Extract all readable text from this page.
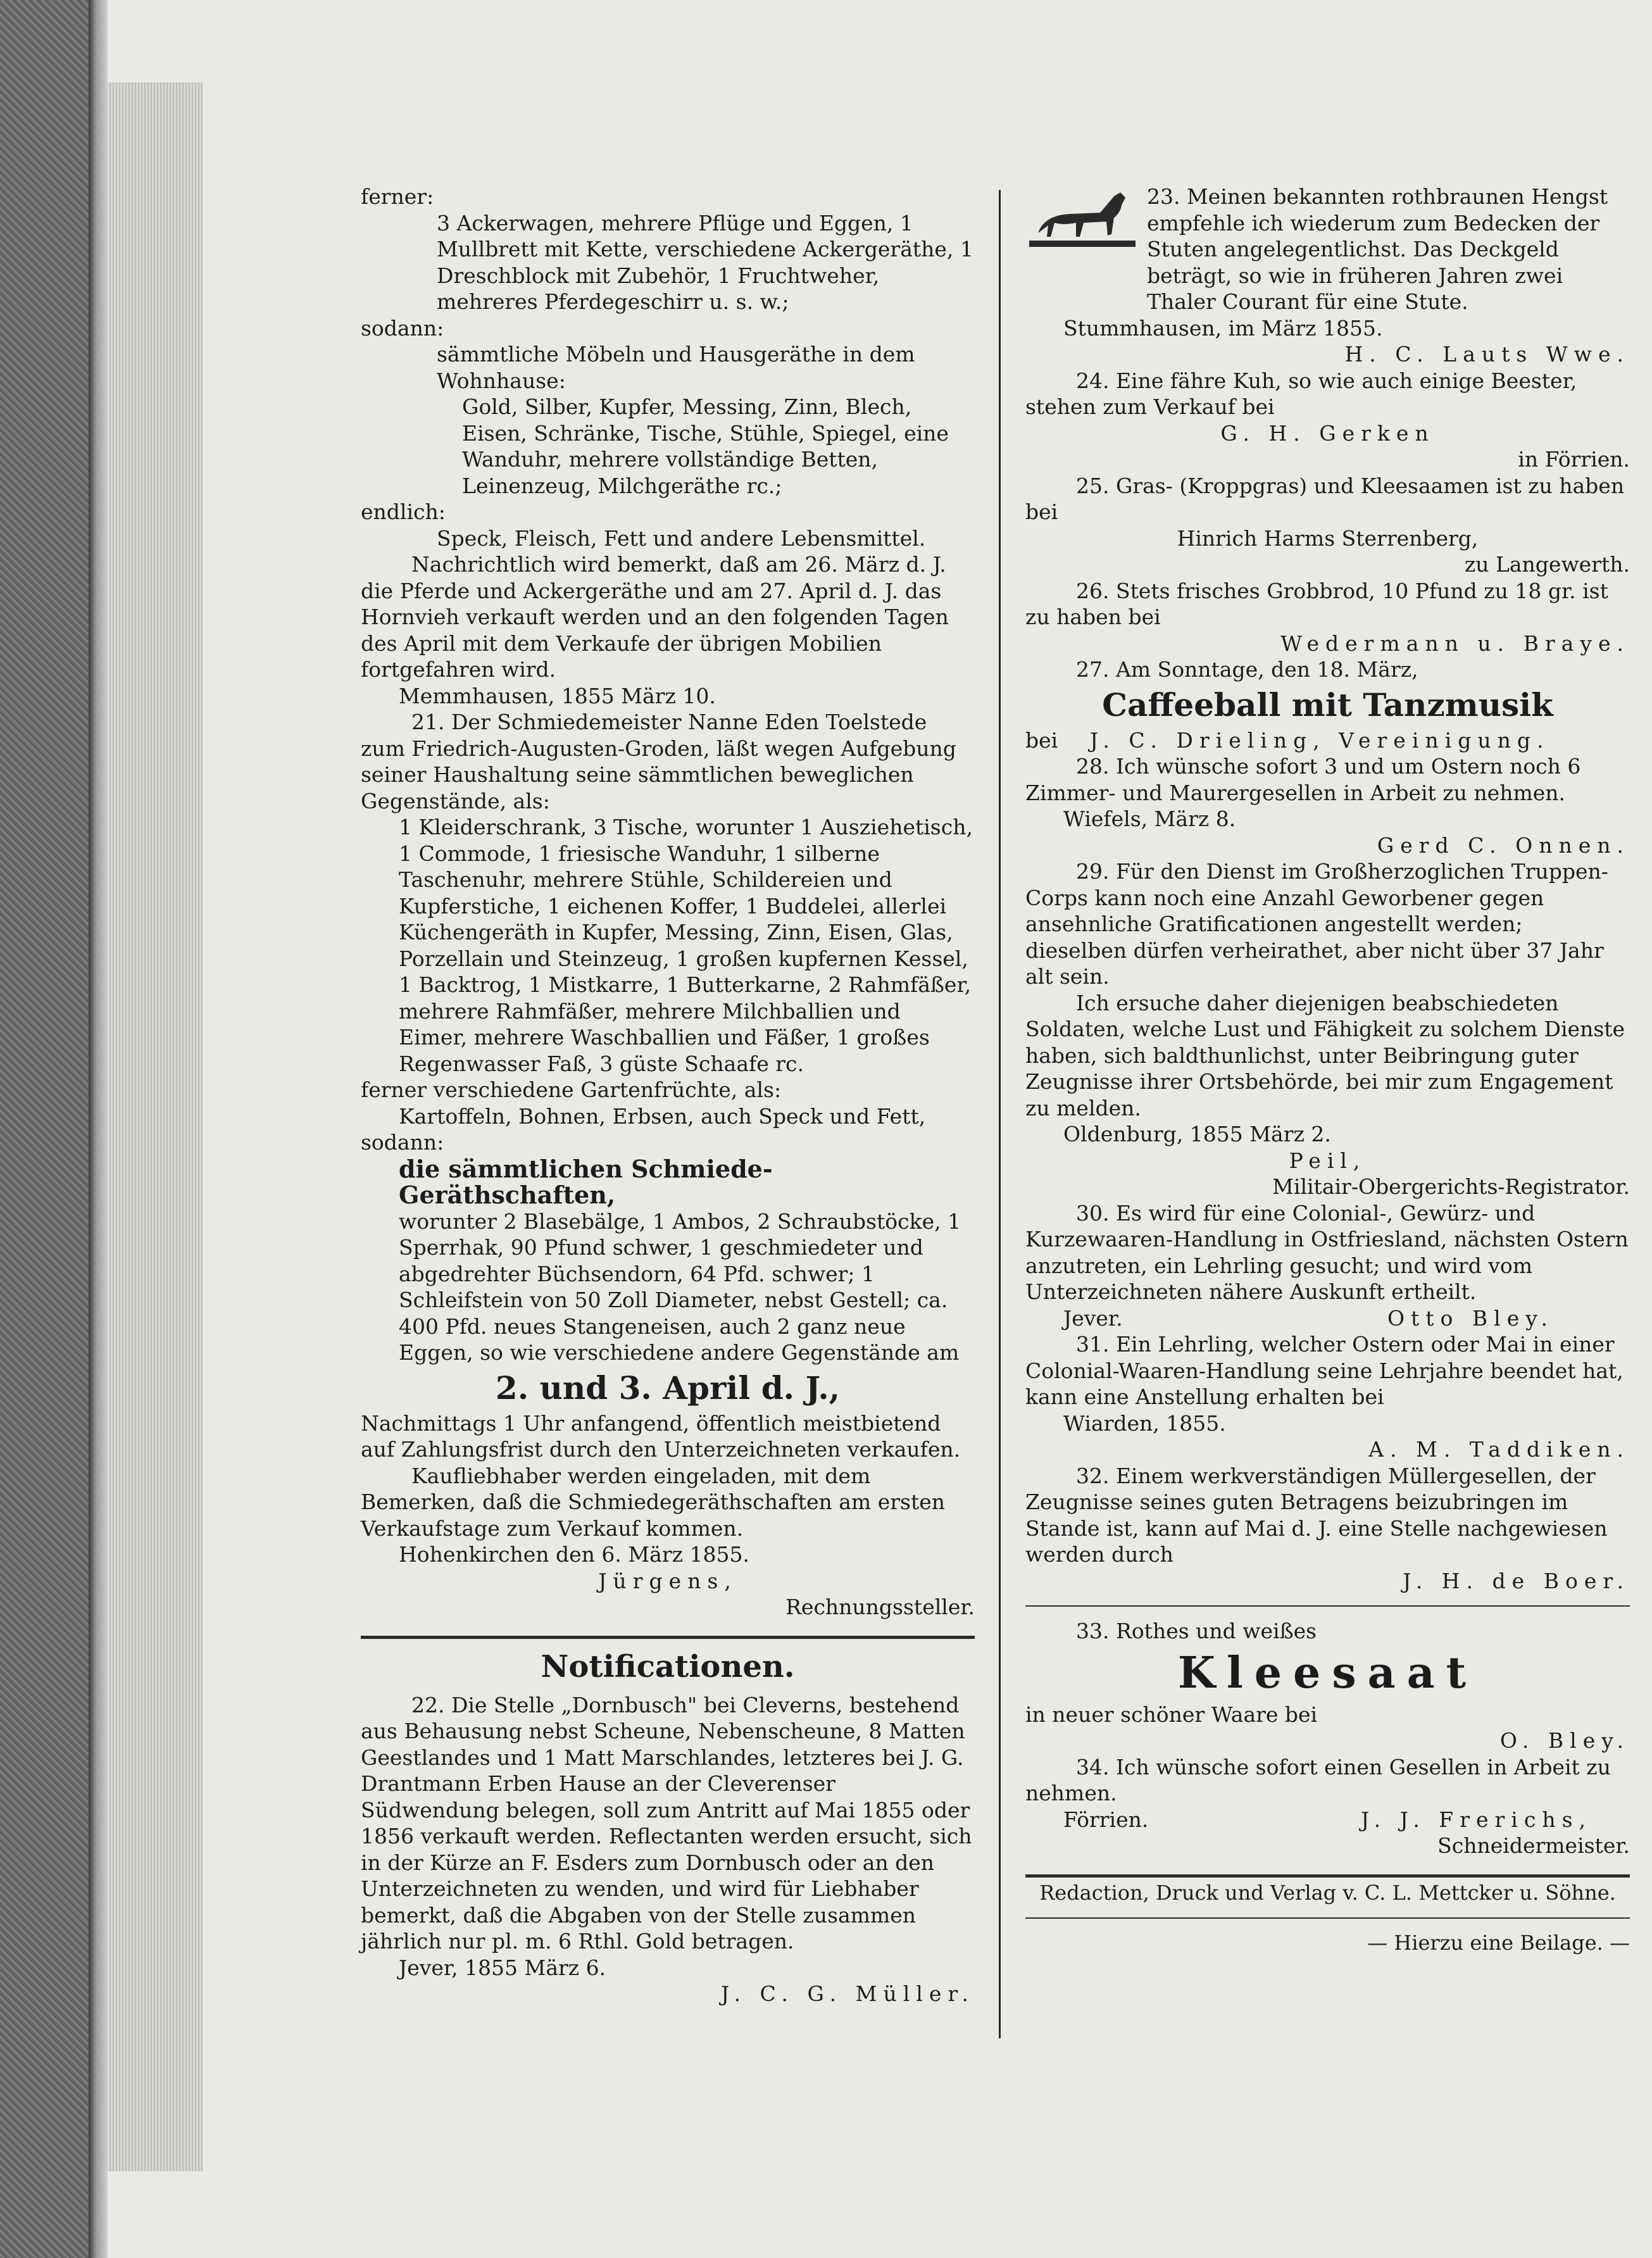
ferner:

3 Ackerwagen, mehrere Pflüge und Eggen, 1 Mullbrett mit Kette, verschiedene Ackergeräthe, 1 Dreschblock mit Zubehör, 1 Fruchtweher, mehreres Pferdegeschirr u. s. w.;

sodann:

sämmtliche Möbeln und Hausgeräthe in dem Wohnhause:

Gold, Silber, Kupfer, Messing, Zinn, Blech, Eisen, Schränke, Tische, Stühle, Spiegel, eine Wanduhr, mehrere vollständige Betten, Leinenzeug, Milchgeräthe rc.;

endlich:

Speck, Fleisch, Fett und andere Lebensmittel.

Nachrichtlich wird bemerkt, daß am 26. März d. J. die Pferde und Ackergeräthe und am 27. April d. J. das Hornvieh verkauft werden und an den folgenden Tagen des April mit dem Verkaufe der übrigen Mobilien fortgefahren wird.

Memmhausen, 1855 März 10.

21. Der Schmiedemeister Nanne Eden Toelstede zum Friedrich-Augusten-Groden, läßt wegen Aufgebung seiner Haushaltung seine sämmtlichen beweglichen Gegenstände, als:

1 Kleiderschrank, 3 Tische, worunter 1 Ausziehetisch, 1 Commode, 1 friesische Wanduhr, 1 silberne Taschenuhr, mehrere Stühle, Schildereien und Kupferstiche, 1 eichenen Koffer, 1 Buddelei, allerlei Küchengeräth in Kupfer, Messing, Zinn, Eisen, Glas, Porzellain und Steinzeug, 1 großen kupfernen Kessel, 1 Backtrog, 1 Mistkarre, 1 Butterkarne, 2 Rahmfäßer, mehrere Rahmfäßer, mehrere Milchballien und Eimer, mehrere Waschballien und Fäßer, 1 großes Regenwasser Faß, 3 güste Schaafe rc.

ferner verschiedene Gartenfrüchte, als:

Kartoffeln, Bohnen, Erbsen, auch Speck und Fett,

sodann:

die sämmtlichen Schmiede-Geräthschaften,

worunter 2 Blasebälge, 1 Ambos, 2 Schraubstöcke, 1 Sperrhak, 90 Pfund schwer, 1 geschmiedeter und abgedrehter Büchsendorn, 64 Pfd. schwer; 1 Schleifstein von 50 Zoll Diameter, nebst Gestell; ca. 400 Pfd. neues Stangeneisen, auch 2 ganz neue Eggen, so wie verschiedene andere Gegenstände am

2. und 3. April d. J.,

Nachmittags 1 Uhr anfangend, öffentlich meistbietend auf Zahlungsfrist durch den Unterzeichneten verkaufen.

Kaufliebhaber werden eingeladen, mit dem Bemerken, daß die Schmiedegeräthschaften am ersten Verkaufstage zum Verkauf kommen.

Hohenkirchen den 6. März 1855.

Jürgens,

Rechnungssteller.

Notificationen.

22. Die Stelle „Dornbusch" bei Cleverns, bestehend aus Behausung nebst Scheune, Nebenscheune, 8 Matten Geestlandes und 1 Matt Marschlandes, letzteres bei J. G. Drantmann Erben Hause an der Cleverenser Südwendung belegen, soll zum Antritt auf Mai 1855 oder 1856 verkauft werden. Reflectanten werden ersucht, sich in der Kürze an F. Esders zum Dornbusch oder an den Unterzeichneten zu wenden, und wird für Liebhaber bemerkt, daß die Abgaben von der Stelle zusammen jährlich nur pl. m. 6 Rthl. Gold betragen.

Jever, 1855 März 6.

J. C. G. Müller.

23. Meinen bekannten rothbraunen Hengst empfehle ich wiederum zum Bedecken der Stuten angelegentlichst. Das Deckgeld beträgt, so wie in früheren Jahren zwei Thaler Courant für eine Stute.

Stummhausen, im März 1855.

H. C. Lauts Wwe.

24. Eine fähre Kuh, so wie auch einige Beester, stehen zum Verkauf bei

G. H. Gerken

in Förrien.

25. Gras- (Kroppgras) und Kleesaamen ist zu haben bei

Hinrich Harms Sterrenberg,

zu Langewerth.

26. Stets frisches Grobbrod, 10 Pfund zu 18 gr. ist zu haben bei

Wedermann u. Braye.

27. Am Sonntage, den 18. März,

Caffeeball mit Tanzmusik

bei J. C. Drieling, Vereinigung.

28. Ich wünsche sofort 3 und um Ostern noch 6 Zimmer- und Maurergesellen in Arbeit zu nehmen.

Wiefels, März 8.

Gerd C. Onnen.

29. Für den Dienst im Großherzoglichen Truppen-Corps kann noch eine Anzahl Geworbener gegen ansehnliche Gratificationen angestellt werden; dieselben dürfen verheirathet, aber nicht über 37 Jahr alt sein.

Ich ersuche daher diejenigen beabschiedeten Soldaten, welche Lust und Fähigkeit zu solchem Dienste haben, sich baldthunlichst, unter Beibringung guter Zeugnisse ihrer Ortsbehörde, bei mir zum Engagement zu melden.

Oldenburg, 1855 März 2.

Peil,

Militair-Obergerichts-Registrator.

30. Es wird für eine Colonial-, Gewürz- und Kurzewaaren-Handlung in Ostfriesland, nächsten Ostern anzutreten, ein Lehrling gesucht; und wird vom Unterzeichneten nähere Auskunft ertheilt.

Jever.	Otto Bley.

31. Ein Lehrling, welcher Ostern oder Mai in einer Colonial-Waaren-Handlung seine Lehrjahre beendet hat, kann eine Anstellung erhalten bei

Wiarden, 1855.

A. M. Taddiken.

32. Einem werkverständigen Müllergesellen, der Zeugnisse seines guten Betragens beizubringen im Stande ist, kann auf Mai d. J. eine Stelle nachgewiesen werden durch

J. H. de Boer.

33. Rothes und weißes

Kleesaat

in neuer schöner Waare bei

O. Bley.

34. Ich wünsche sofort einen Gesellen in Arbeit zu nehmen.

Förrien.	J. J. Frerichs,

Schneidermeister.

Redaction, Druck und Verlag v. C. L. Mettcker u. Söhne.

— Hierzu eine Beilage. —
